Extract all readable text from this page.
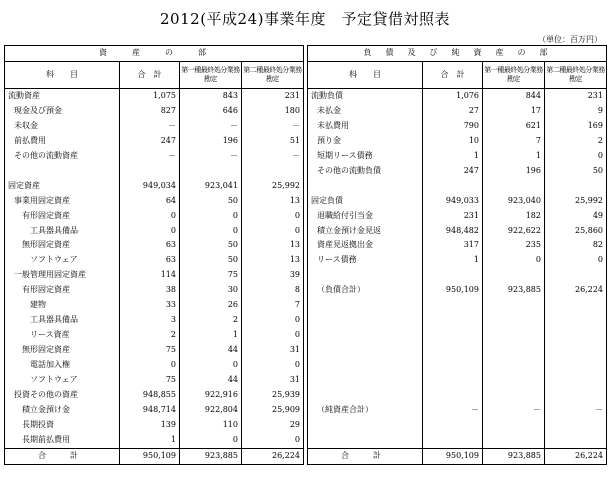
2012(平成24)事業年度　予定貸借対照表
（単位：百万円）
資　　産　　の　　部			
科　　目	合　計	第一種最終処分業務勘定	第二種最終処分業務勘定
流動資産	1,075	843	231
現金及び預金	827	646	180
未収金	－	－	－
前払費用	247	196	51
その他の流動資産	－	－	－

固定資産	949,034	923,041	25,992
事業用固定資産	64	50	13
有形固定資産	0	0	0
工具器具備品	0	0	0
無形固定資産	63	50	13
ソフトウェア	63	50	13
一般管理用固定資産	114	75	39
有形固定資産	38	30	8
建物	33	26	7
工具器具備品	3	2	0
リース資産	2	1	0
無形固定資産	75	44	31
電話加入権	0	0	0
ソフトウェア	75	44	31
投資その他の資産	948,855	922,916	25,939
積立金預け金	948,714	922,804	25,909
長期投資	139	110	29
長期前払費用	1	0	0
合　計	950,109	923,885	26,224
負　債　及　び　純　資　産　の　部			
科　　目	合　計	第一種最終処分業務勘定	第二種最終処分業務勘定
流動負債	1,076	844	231
未払金	27	17	9
未払費用	790	621	169
預り金	10	7	2
短期リース債務	1	1	0
その他の流動負債	247	196	50

固定負債	949,033	923,040	25,992
退職給付引当金	231	182	49
積立金預け金見返	948,482	922,622	25,860
資産見返拠出金	317	235	82
リース債務	1	0	0

（負債合計）	950,109	923,885	26,224

（純資産合計）	－	－	－

合　計	950,109	923,885	26,224
